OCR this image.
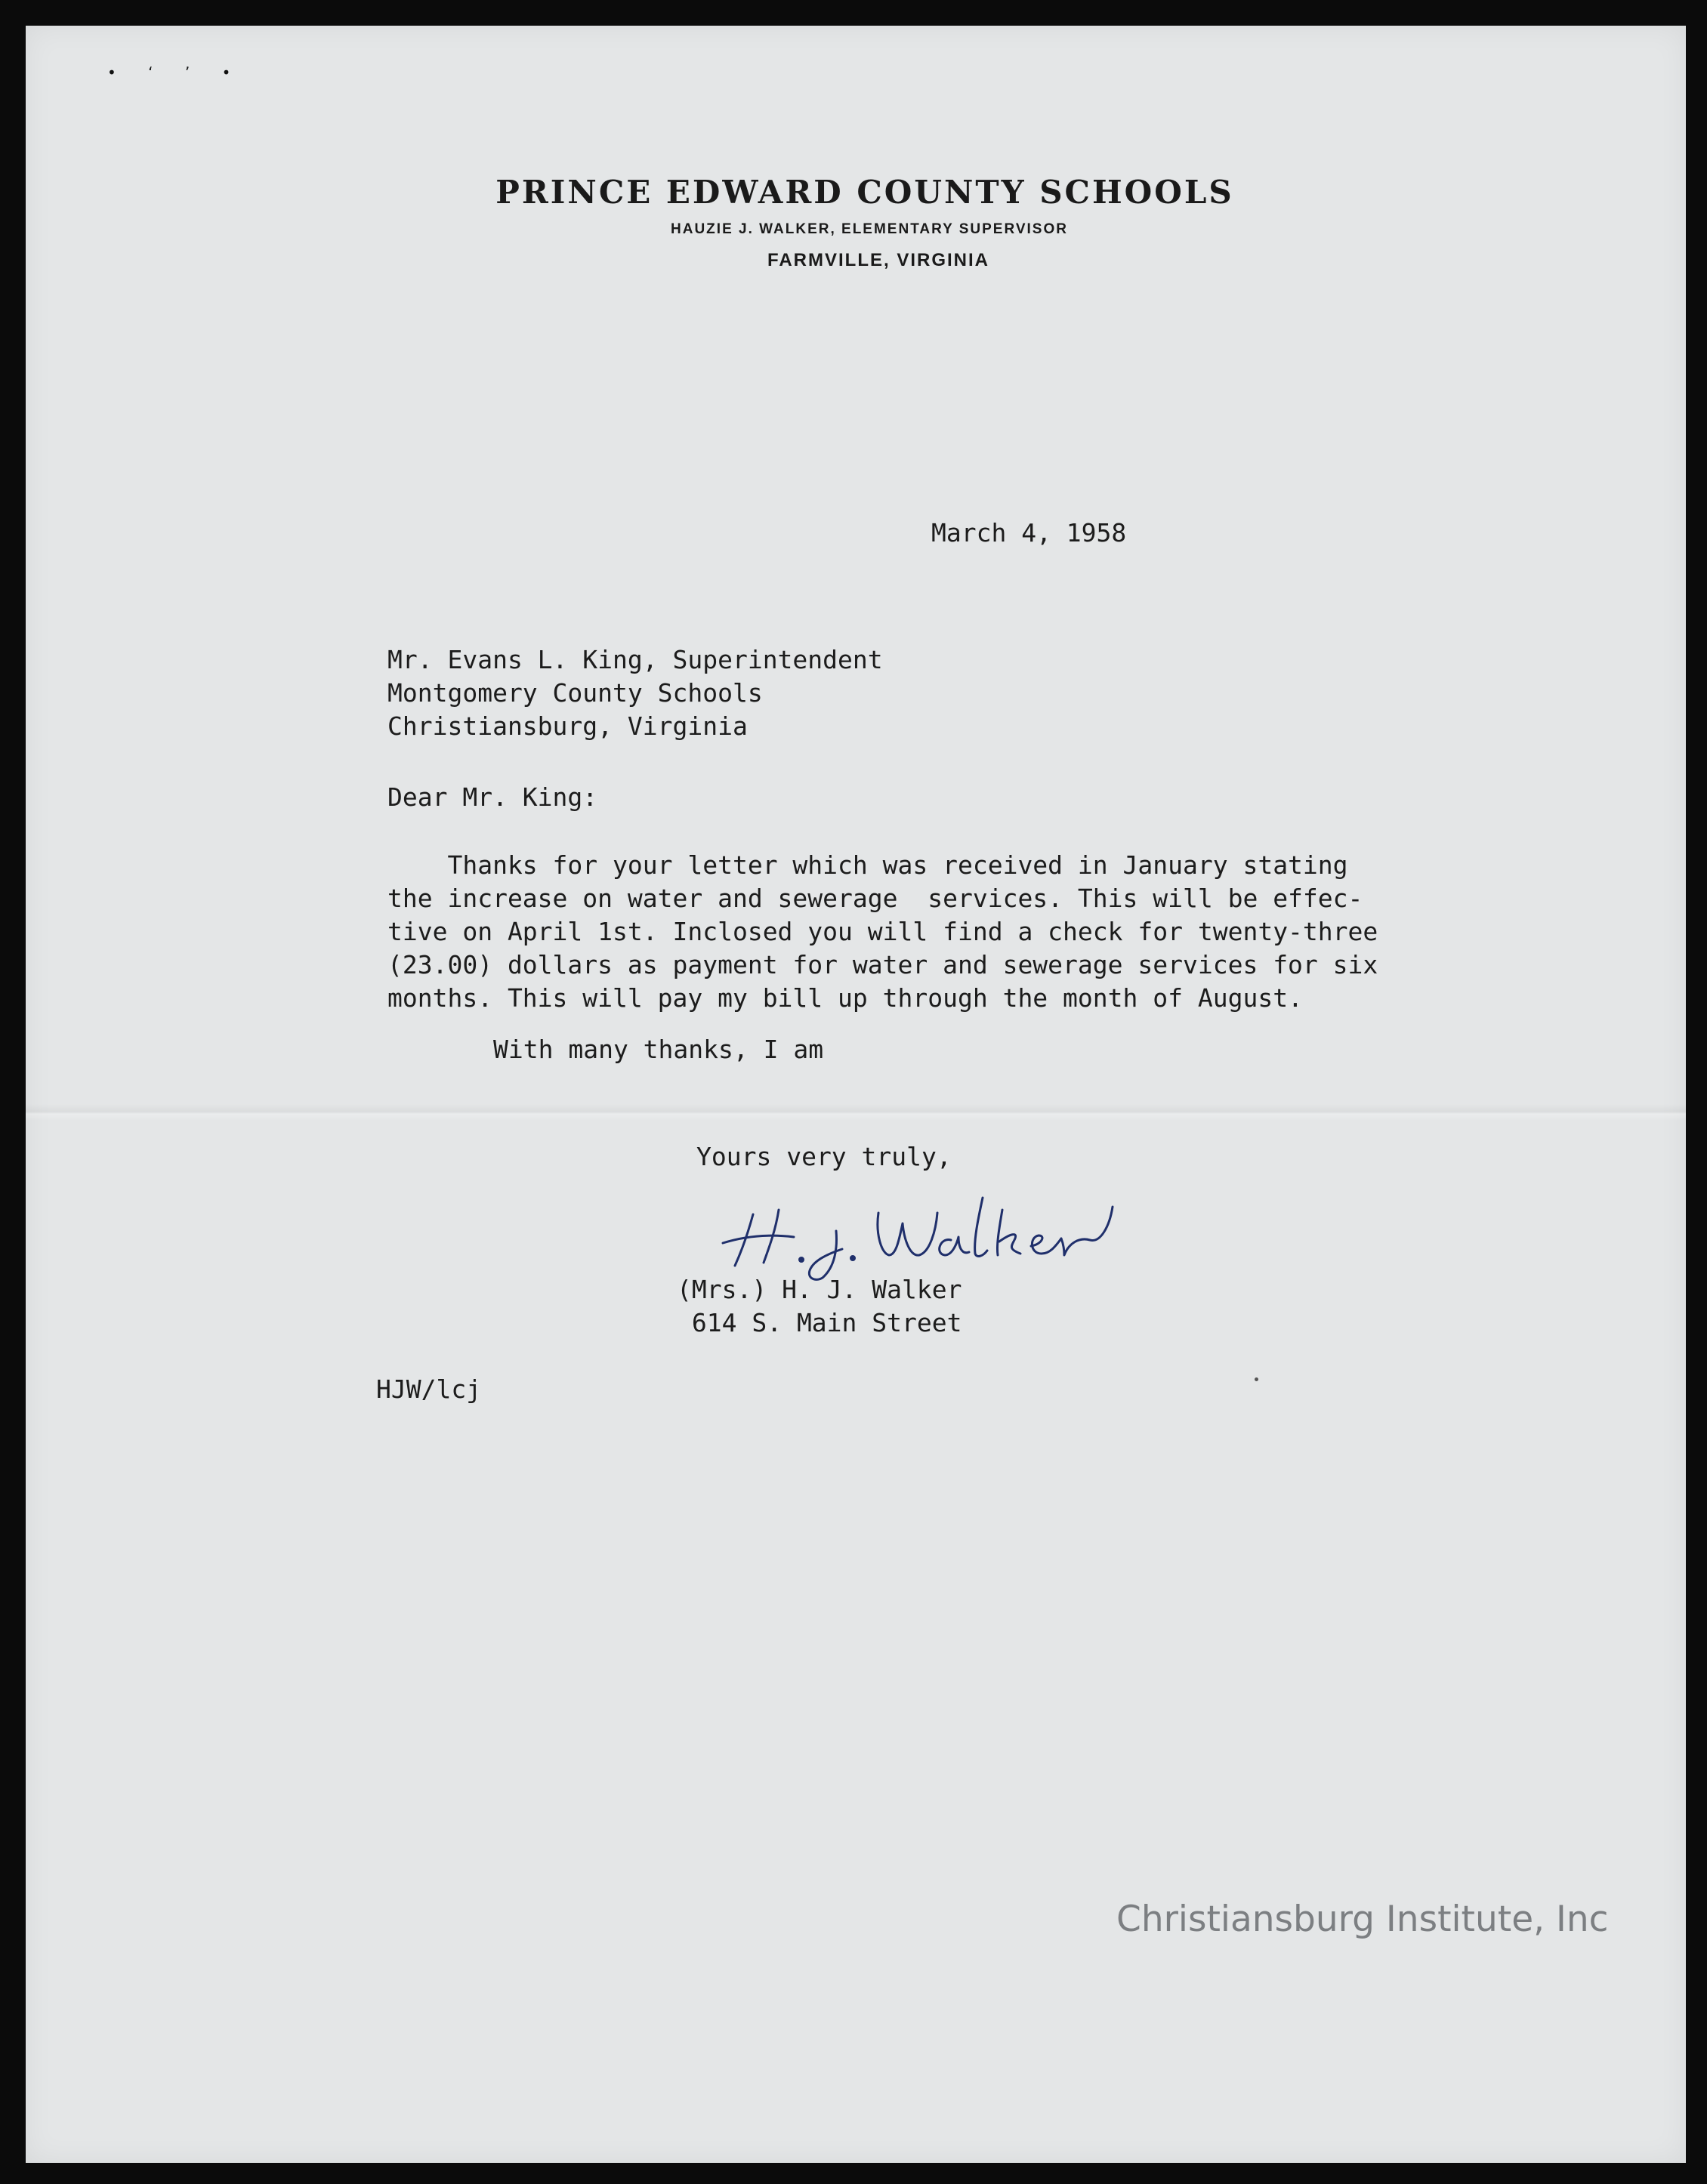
• ʻ ʼ •
PRINCE EDWARD COUNTY SCHOOLS
HAUZIE J. WALKER, ELEMENTARY SUPERVISOR
FARMVILLE, VIRGINIA
March 4, 1958
Mr. Evans L. King, Superintendent
Montgomery County Schools
Christiansburg, Virginia
Dear Mr. King:
Thanks for your letter which was received in January stating
the increase on water and sewerage  services. This will be effec-
tive on April 1st. Inclosed you will find a check for twenty-three
(23.00) dollars as payment for water and sewerage services for six
months. This will pay my bill up through the month of August.
With many thanks, I am
Yours very truly,
(Mrs.) H. J. Walker
614 S. Main Street
HJW/lcj
Christiansburg Institute, Inc
